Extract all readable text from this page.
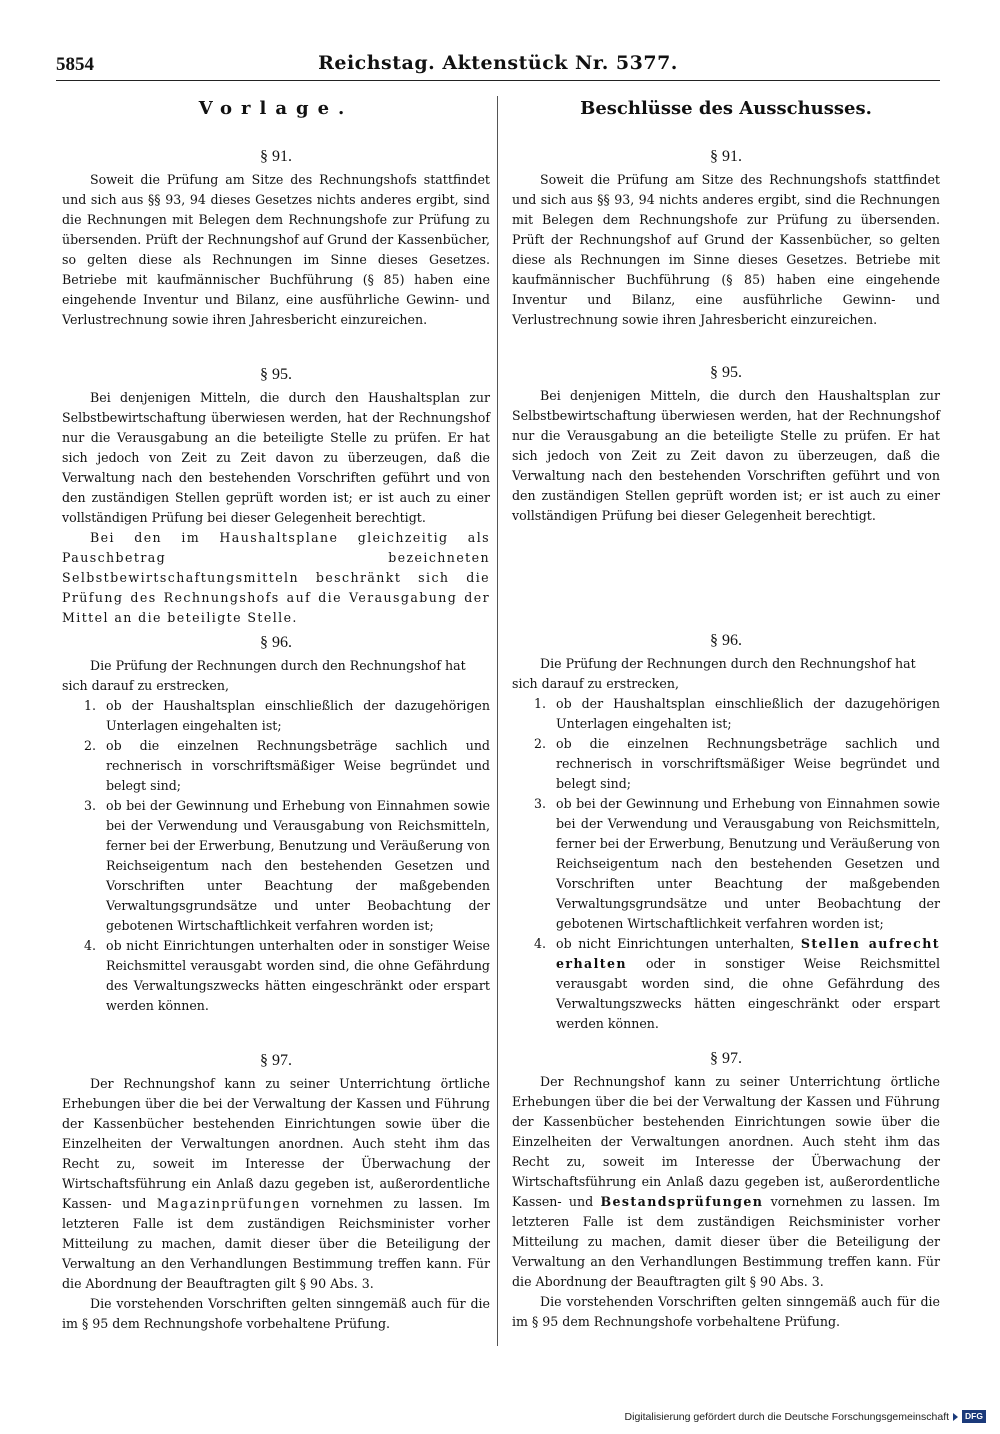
5854	Reichstag. Aktenstück Nr. 5377.
Vorlage.
§ 91.

Soweit die Prüfung am Sitze des Rechnungshofs stattfindet und sich aus §§ 93, 94 dieses Gesetzes nichts anderes ergibt, sind die Rechnungen mit Belegen dem Rechnungshofe zur Prüfung zu übersenden. Prüft der Rechnungshof auf Grund der Kassenbücher, so gelten diese als Rechnungen im Sinne dieses Gesetzes. Betriebe mit kaufmännischer Buchführung (§ 85) haben eine eingehende Inventur und Bilanz, eine ausführliche Gewinn- und Verlustrechnung sowie ihren Jahresbericht einzureichen.

§ 95.

Bei denjenigen Mitteln, die durch den Haushaltsplan zur Selbstbewirtschaftung überwiesen werden, hat der Rechnungshof nur die Verausgabung an die beteiligte Stelle zu prüfen. Er hat sich jedoch von Zeit zu Zeit davon zu überzeugen, daß die Verwaltung nach den bestehenden Vorschriften geführt und von den zuständigen Stellen geprüft worden ist; er ist auch zu einer vollständigen Prüfung bei dieser Gelegenheit berechtigt.

Bei den im Haushaltsplane gleichzeitig als Pauschbetrag bezeichneten Selbstbewirtschaftungsmitteln beschränkt sich die Prüfung des Rechnungshofs auf die Verausgabung der Mittel an die beteiligte Stelle.

§ 96.

Die Prüfung der Rechnungen durch den Rechnungshof hat sich darauf zu erstrecken,

1. ob der Haushaltsplan einschließlich der dazugehörigen Unterlagen eingehalten ist;
2. ob die einzelnen Rechnungsbeträge sachlich und rechnerisch in vorschriftsmäßiger Weise begründet und belegt sind;
3. ob bei der Gewinnung und Erhebung von Einnahmen sowie bei der Verwendung und Verausgabung von Reichsmitteln, ferner bei der Erwerbung, Benutzung und Veräußerung von Reichseigentum nach den bestehenden Gesetzen und Vorschriften unter Beachtung der maßgebenden Verwaltungsgrundsätze und unter Beobachtung der gebotenen Wirtschaftlichkeit verfahren worden ist;
4. ob nicht Einrichtungen unterhalten oder in sonstiger Weise Reichsmittel verausgabt worden sind, die ohne Gefährdung des Verwaltungszwecks hätten eingeschränkt oder erspart werden können.
§ 97.

Der Rechnungshof kann zu seiner Unterrichtung örtliche Erhebungen über die bei der Verwaltung der Kassen und Führung der Kassenbücher bestehenden Einrichtungen sowie über die Einzelheiten der Verwaltungen anordnen. Auch steht ihm das Recht zu, soweit im Interesse der Überwachung der Wirtschaftsführung ein Anlaß dazu gegeben ist, außerordentliche Kassen- und Magazinprüfungen vornehmen zu lassen. Im letzteren Falle ist dem zuständigen Reichsminister vorher Mitteilung zu machen, damit dieser über die Beteiligung der Verwaltung an den Verhandlungen Bestimmung treffen kann. Für die Abordnung der Beauftragten gilt § 90 Abs. 3.

Die vorstehenden Vorschriften gelten sinngemäß auch für die im § 95 dem Rechnungshofe vorbehaltene Prüfung.

Beschlüsse des Ausschusses.
§ 91.

Soweit die Prüfung am Sitze des Rechnungshofs stattfindet und sich aus §§ 93, 94 nichts anderes ergibt, sind die Rechnungen mit Belegen dem Rechnungshofe zur Prüfung zu übersenden. Prüft der Rechnungshof auf Grund der Kassenbücher, so gelten diese als Rechnungen im Sinne dieses Gesetzes. Betriebe mit kaufmännischer Buchführung (§ 85) haben eine eingehende Inventur und Bilanz, eine ausführliche Gewinn- und Verlustrechnung sowie ihren Jahresbericht einzureichen.

§ 95.

Bei denjenigen Mitteln, die durch den Haushaltsplan zur Selbstbewirtschaftung überwiesen werden, hat der Rechnungshof nur die Verausgabung an die beteiligte Stelle zu prüfen. Er hat sich jedoch von Zeit zu Zeit davon zu überzeugen, daß die Verwaltung nach den bestehenden Vorschriften geführt und von den zuständigen Stellen geprüft worden ist; er ist auch zu einer vollständigen Prüfung bei dieser Gelegenheit berechtigt.

§ 96.

Die Prüfung der Rechnungen durch den Rechnungshof hat sich darauf zu erstrecken,

1. ob der Haushaltsplan einschließlich der dazugehörigen Unterlagen eingehalten ist;
2. ob die einzelnen Rechnungsbeträge sachlich und rechnerisch in vorschriftsmäßiger Weise begründet und belegt sind;
3. ob bei der Gewinnung und Erhebung von Einnahmen sowie bei der Verwendung und Verausgabung von Reichsmitteln, ferner bei der Erwerbung, Benutzung und Veräußerung von Reichseigentum nach den bestehenden Gesetzen und Vorschriften unter Beachtung der maßgebenden Verwaltungsgrundsätze und unter Beobachtung der gebotenen Wirtschaftlichkeit verfahren worden ist;
4. ob nicht Einrichtungen unterhalten, Stellen aufrecht erhalten oder in sonstiger Weise Reichsmittel verausgabt worden sind, die ohne Gefährdung des Verwaltungszwecks hätten eingeschränkt oder erspart werden können.
§ 97.

Der Rechnungshof kann zu seiner Unterrichtung örtliche Erhebungen über die bei der Verwaltung der Kassen und Führung der Kassenbücher bestehenden Einrichtungen sowie über die Einzelheiten der Verwaltungen anordnen. Auch steht ihm das Recht zu, soweit im Interesse der Überwachung der Wirtschaftsführung ein Anlaß dazu gegeben ist, außerordentliche Kassen- und Bestandsprüfungen vornehmen zu lassen. Im letzteren Falle ist dem zuständigen Reichsminister vorher Mitteilung zu machen, damit dieser über die Beteiligung der Verwaltung an den Verhandlungen Bestimmung treffen kann. Für die Abordnung der Beauftragten gilt § 90 Abs. 3.

Die vorstehenden Vorschriften gelten sinngemäß auch für die im § 95 dem Rechnungshofe vorbehaltene Prüfung.

Digitalisierung gefördert durch die Deutsche Forschungsgemeinschaft	DFG
